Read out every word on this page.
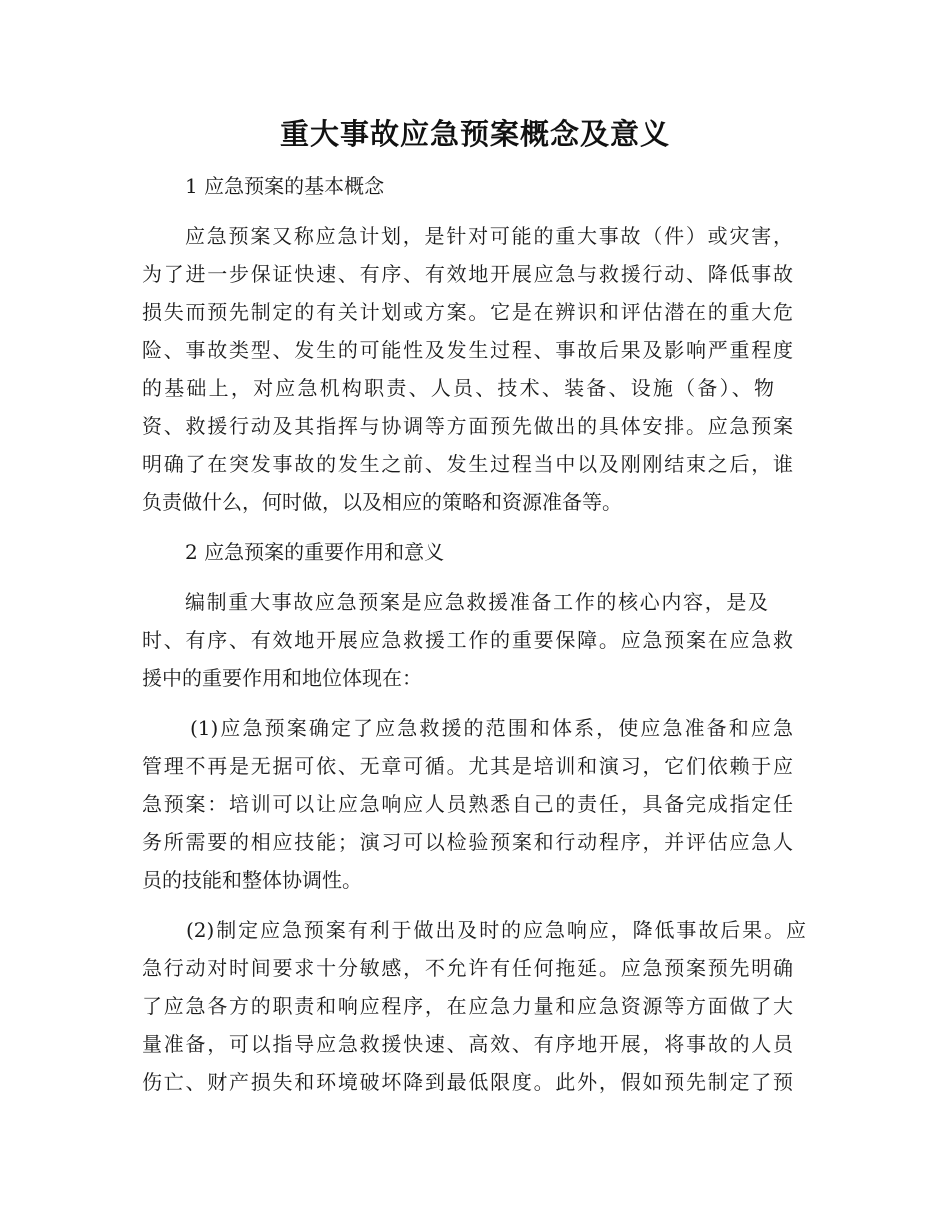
重大事故应急预案概念及意义
1 应急预案的基本概念
应急预案又称应急计划，是针对可能的重大事故（件）或灾害，
为了进一步保证快速、有序、有效地开展应急与救援行动、降低事故
损失而预先制定的有关计划或方案。它是在辨识和评估潜在的重大危
险、事故类型、发生的可能性及发生过程、事故后果及影响严重程度
的基础上，对应急机构职责、人员、技术、装备、设施（备）、物
资、救援行动及其指挥与协调等方面预先做出的具体安排。应急预案
明确了在突发事故的发生之前、发生过程当中以及刚刚结束之后，谁
负责做什么，何时做，以及相应的策略和资源准备等。
2 应急预案的重要作用和意义
编制重大事故应急预案是应急救援准备工作的核心内容，是及
时、有序、有效地开展应急救援工作的重要保障。应急预案在应急救
援中的重要作用和地位体现在：
(1)应急预案确定了应急救援的范围和体系，使应急准备和应急
管理不再是无据可依、无章可循。尤其是培训和演习，它们依赖于应
急预案：培训可以让应急响应人员熟悉自己的责任，具备完成指定任
务所需要的相应技能；演习可以检验预案和行动程序，并评估应急人
员的技能和整体协调性。
(2)制定应急预案有利于做出及时的应急响应，降低事故后果。应
急行动对时间要求十分敏感，不允许有任何拖延。应急预案预先明确
了应急各方的职责和响应程序，在应急力量和应急资源等方面做了大
量准备，可以指导应急救援快速、高效、有序地开展，将事故的人员
伤亡、财产损失和环境破坏降到最低限度。此外，假如预先制定了预
